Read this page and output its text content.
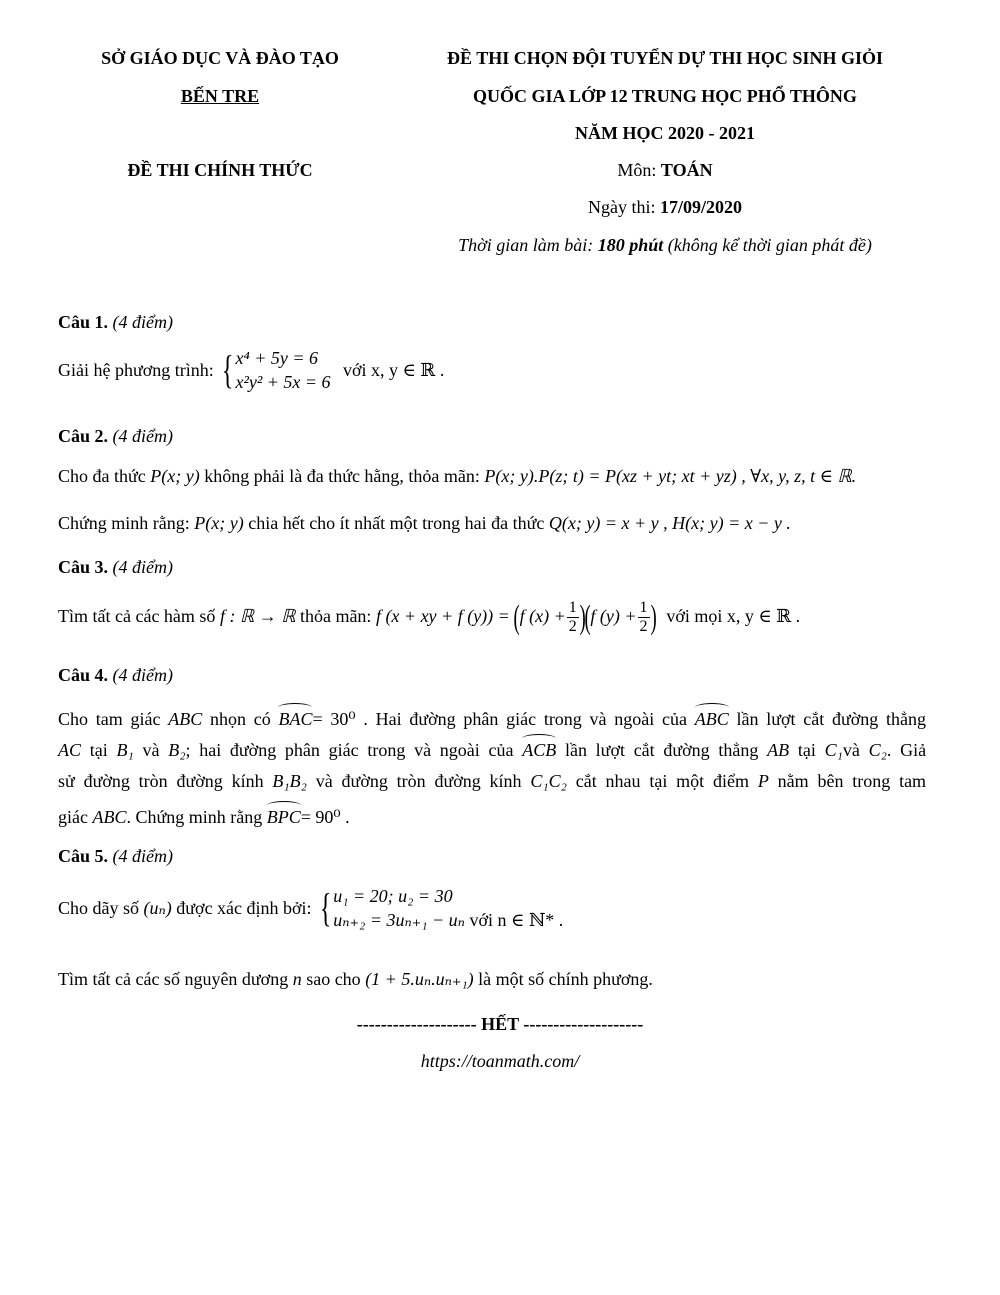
SỞ GIÁO DỤC VÀ ĐÀO TẠO
BẾN TRE
ĐỀ THI CHÍNH THỨC
ĐỀ THI CHỌN ĐỘI TUYỂN DỰ THI HỌC SINH GIỎI
QUỐC GIA LỚP 12 TRUNG HỌC PHỔ THÔNG
NĂM HỌC 2020 - 2021
Môn: TOÁN
Ngày thi: 17/09/2020
Thời gian làm bài: 180 phút (không kể thời gian phát đề)
Câu 1. (4 điểm)
Giải hệ phương trình: { x⁴ + 5y = 6
x²y² + 5x = 6 với x, y ∈ ℝ .
Câu 2. (4 điểm)
Cho đa thức P(x; y) không phải là đa thức hằng, thỏa mãn: P(x; y).P(z; t) = P(xz + yt; xt + yz) , ∀x, y, z, t ∈ ℝ.
Chứng minh rằng: P(x; y) chia hết cho ít nhất một trong hai đa thức Q(x; y) = x + y , H(x; y) = x − y .
Câu 3. (4 điểm)
Tìm tất cả các hàm số f : ℝ → ℝ thỏa mãn: f (x + xy + f (y)) = (f $(x) + \frac{1}{2} )(f$ $(y) + \frac{1}{2}$ ) với mọi x, y ∈ ℝ .
Câu 4. (4 điểm)
Cho tam giác ABC nhọn có BAC= 30⁰ . Hai đường phân giác trong và ngoài của ABC lần lượt cắt đường thẳng
AC tại B₁ và B₂; hai đường phân giác trong và ngoài của ACB lần lượt cắt đường thẳng AB tại C₁và C₂. Giả
sử đường tròn đường kính B₁B₂ và đường tròn đường kính C₁C₂ cắt nhau tại một điểm P nằm bên trong tam
giác ABC. Chứng minh rằng BPC= 90⁰ .
Câu 5. (4 điểm)
Cho dãy số (uₙ) được xác định bởi: { u₁ = 20; u₂ = 30
uₙ₊₂ = 3uₙ₊₁ − uₙ với n ∈ ℕ* .
Tìm tất cả các số nguyên dương n sao cho (1 + 5.uₙ.uₙ₊₁) là một số chính phương.
-------------------- HẾT --------------------
https://toanmath.com/
